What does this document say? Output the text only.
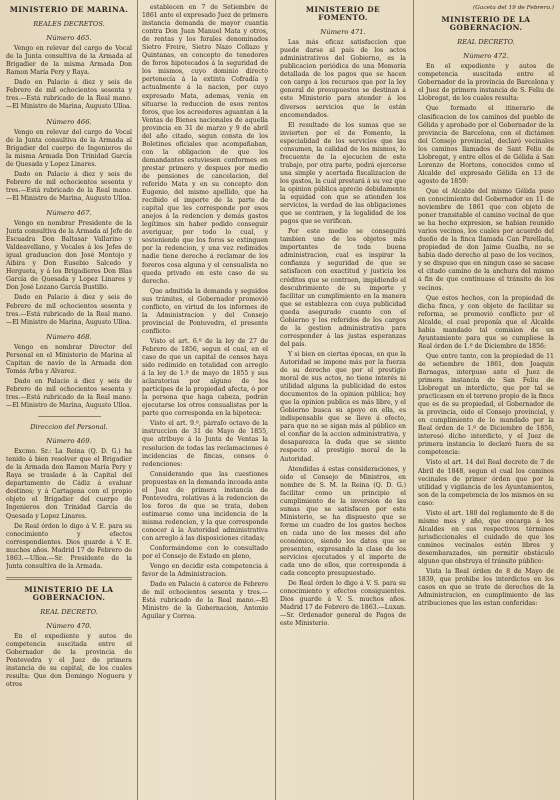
MINISTERIO DE MARINA.
REALES DECRETOS.
Número 465.
Vengo en relevar del cargo de Vocal de la Junta consultiva de la Armada al Brigadier de la misma Armada Don Ramon María Pery y Raya.
Dado en Palacio á diez y seis de Febrero de mil ochocientos sesenta y tres.—Está rubricado de la Real mano.—El Ministro de Marina, Augusto Ulloa.
Número 466.
Vengo en relevar del cargo de Vocal de la Junta consultiva de la Armada al Brigadier del cuerpo de Ingenieros de la misma Armada Don Trinidad García de Quesada y Lopez Linares.
Dado en Palacio á diez y seis de Febrero de mil ochocientos sesenta y tres.—Está rubricado de la Real mano.—El Ministro de Marina, Augusto Ulloa.
Número 467.
Vengo en nombrar Presidente de la Junta consultiva de la Armada al Jefe de Escuadra Don Baltasar Vallarino y Valdeavellano, y Vocales á los Jefes de igual graduacion don José Montojo y Aibira y Don Eusebio Salcedo y Hergueta, y á los Brigadieres Don Blas García de Quesada y Lopez Linares y Don José Lozano García Bustillo.
Dado en Palacio á diez y seis de Febrero de mil ochocientos sesenta y tres.—Está rubricado de la Real mano.—El Ministro de Marina, Augusto Ulloa.
Número 468.
Vengo en nombrar Director del Personal en el Ministerio de Marina al Capitan de navío de la Armada don Tomás Arba y Alvarez.
Dado en Palacio á diez y seis de Febrero de mil ochocientos sesenta y tres.—Está rubricado de la Real mano.—El Ministro de Marina, Augusto Ulloa.
Direccion del Personal.
Número 469.
Excmo. Sr.: La Reina (Q. D. G.) ha tenido á bien resolver que el Brigadier de la Armada don Ramon María Pery y Raya se traslade á la Capital del departamento de Cádiz á evaluar destinos; y á Cartagena con el propio objeto el Brigadier del cuerpo de Ingenieros don Trinidad García de Quesada y Lopez Linares.
De Real órden lo digo á V. E. para su conocimiento y efectos correspondientes. Dios guarde á V. E. muchos años. Madrid 17 de Febrero de 1863.—Ulloa.—Sr. Presidente de la Junta consultiva de la Armada.
MINISTERIO DE LA GOBERNACION.
REAL DECRETO.
Número 470.
En el expediente y autos de competencia suscitada entre el Gobernador de la provincia de Pontevedra y el Juez de primera instancia de su capital, de los cuales resulta: Que don Domingo Noguera y otros
establecen en 7 de Setiembre de 1861 ante el expresado Juez de primera instancia demanda de mayor cuantía contra Don Juan Manuel Mata y otros, de rentas y los forales denominados Sietro Freire, Sietro Nazo Collazo y Quintanas, en concepto de tenedores de foros hipotecados á la seguridad de los mismos, cuyo dominio directo pertenecía á la extinta Cofradía y actualmente á la nacion, por cuyo expresado Mata, ademas, venía en situarse la reduccion de esos rentos foros, que los acreedores aguantan á la Ventas de Bienes nacionales de aquella provincia en 31 de marzo y 9 de abril del año citado, segun consta de los Boletines oficiales que acompañaban, con la obligacion de que los demandantes estuviesen conformes en prestar primero y despues por medio de pensiones de cancelacion, del referido Mata y en su concepto don Eugenio, del mismo apellido, que ha recibido el importe de la parte de capital que les corresponde por esos anejos á la redencion y demás gastos legítimos sin haber podido conseguir averiguar, por todo lo cual, y sosteniendo que los foros se extinguen por la redencion, y una vez redimidos nadie tiene derecho á reclamar de los foreros cosa alguna y el censualista no queda privado en este caso de su derecho.
Que admitida la demanda y seguidos sus trámites, el Gobernador promovió conflicto, en virtud de los informes de la Administracion y del Consejo provincial de Pontevedra, el presente conflicto:
Visto el art. 6.º de la ley de 27 de Febrero de 1856, segun el cual, en el caso de que un capital de censos haya sido redimido en totalidad con arreglo á la ley de 1.º de mayo de 1855 y sus aclaratorias por alguno de los partícipes de la propiedad afecta, ó por la persona que haga cabeza, podrán ejecutarse los otros censualistas por la parte que corresponda en la hipoteca:
Visto el art. 9.º, párrafo octavo de la instruccion de 31 de Mayo de 1855, que atribuye á la Junta de Ventas la resolucion de todas las reclamaciones é incidencias de fincas, censos ó redenciones:
Considerando que las cuestiones propuestas en la demanda incoada ante el Juez de primera instancia de Pontevedra, relativas á la redencion de los foros de que se trata, deben estimarse como una incidencia de la misma redencion, y la que corresponde conocer á la Autoridad administrativa con arreglo á las disposiciones citadas;
Conformándome con lo consultado por el Consejo de Estado en pleno,
Vengo en decidir esta competencia á favor de la Administracion.
Dado en Palacio á catorce de Febrero de mil ochocientos sesenta y tres.—Está rubricado de la Real mano.—El Ministro de la Gobernacion, Antonio Aguilar y Correa.
MINISTERIO DE FOMENTO.
Número 471.
Las más eficaz satisfaccion que puede darse al país de los actos administrativos del Gobierno, es la publicacion periódica de una Memoria detallada de los pagos que se hacen con cargo á los recursos que por la ley general de presupuestos se destinan á este Ministerio para atender á los diversos servicios que le están encomendados.
El resultado de los sumas que se invierten por el de Fomento, la especialidad de los servicios que las consumen, la calidad de los mismos, lo frecuente de la ejecucion de este trabajo, por otra parte, podrá ejercerse una simple y acertada fiscalizacion de los gastos, la cual prestará á su vez que la opinion pública aprecie debidamente la equidad con que se atienden los servicios, la verdad de las obligaciones que se contraen, y la legalidad de los pagos que se verifican.
Por este medio se conseguirá tambien uno de los objetos más importantes de toda buena administracion, cual es inspirar la confianza y seguridad de que se satisfacen con exactitud y justicia los créditos que se contraen, impidiendo el descubrimiento de su importe y facilitar un cumplimiento en la manera que se establezca con cuya publicidad queda asegurado cuanto con el Gobierno y los referidos de los cargos de la gestion administrativa para corresponder á las justas esperanzas del país.
Y si bien en ciertas épocas, en que la Autoridad se impone más por la fuerza de su derecho que por el prestigio moral de sus actos, no tiene interés ni utilidad alguna la publicidad de estos documentos de la opinion pública; hoy que la opinion publica es más libre, y el Gobierno busca su apoyo en ella, es indispensable que se lleve á efecto, para que no se sigan más al público en el confiar de la accion administrativa, y desaparezca la duda que se siente respecto al prestigio moral de la Autoridad.
Atendidas á estas consideraciones, y oido el Consejo de Ministros, en nombre de S. M. la Reina (Q. D. G.) facilitar como un principio el cumplimiento de la inversion de las sumas que se satisfacen por este Ministerio, se ha dispuesto que se forme un cuadro de los gastos hechos en cada uno de los meses del año económico, siendo los datos que se presenten, expresando la clase de los servicios ejecutados y el importe de cada uno de ellos, que corresponda á cada concepto presupuestado.
De Real órden lo digo á V. S. para su conocimiento y efectos consiguientes. Dios guarde á V. S. muchos años. Madrid 17 de Febrero de 1863.—Luxan.—Sr. Ordenador general de Pagos de este Ministerio.
(Gaceta del 19 de Febrero.)
MINISTERIO DE LA GOBERNACION.
REAL DECRETO.
Número 472.
En el expediente y autos de competencia suscitada entre el Gobernador de la provincia de Barcelona y el Juez de primera instancia de S. Feliu de Llobregat, de los cuales resulta:
Que formado el itinerario de clasificacion de los caminos del pueblo de Gélida y aprobado por el Gobernador de la provincia de Barcelona, con el dictámen del Consejo provincial, declaró vecinales los caminos llamados de Sant Feliu de Llobregat, y entre ellos el de Gélida á San Lorenzo de Hortons, conocidos como el Alcalde del expresado Gélida en 13 de agosto de 1859:
Que el Alcalde del mismo Gélida puso en conocimiento del Gobernador en 11 de noviembre de 1861 que con objeto de poner transitable el camino vecinal de que se ha hecho expresion, se habian reunido varios vecinos, los cuales por acuerdo del dueño de la finca llamada Can Parellada, propiedad de don Jaime Gualba, no se habia dado derecho al paso de los vecinos, y se dispuso que en ningun caso se sacase el citado camino de la anchura del mismo á fin de que continuase el tránsito de los vecinos.
Que estos hechos, con la propiedad de dicha finca, y con objeto de facilitar su reforma, se promovió conflicto por el Alcalde, el cual proponía que el Alcalde habia mandado tal comision de un Ayuntamiento para que se cumpliese la Real órden de 1.º de Diciembre de 1856:
Que entre tanto, con la propiedad de 11 de setiembre de 1861, don Joaquin Barnagas, interpuso ante el Juez de primera instancia de San Feliu de Llobregat un interdicto, que por tal se practicasen en el terreno propio de la finca que es de su propiedad, el Gobernador de la provincia, oido el Consejo provincial, y en cumplimiento de lo mandado por la Real órden de 1.º de Diciembre de 1856, interesó dicho interdicto, y el Juez de primera instancia lo declaró fuera de su competencia:
Visto el art. 14 del Real decreto de 7 de Abril de 1848, segun el cual los caminos vecinales de primer órden que por la utilidad y vigilancia de los Ayuntamientos, son de la competencia de los mismos en su caso:
Visto el art. 180 del reglamento de 8 de mismo mes y año, que encarga á los Alcaldes en sus respectivos términos jurisdiccionales el cuidado de que los caminos vecinales estén libres y desembarazados, sin permitir obstáculo alguno que obstruya el tránsito público:
Vista la Real órden de 8 de Mayo de 1839, que prohibe los interdictos en los casos en que se trate de derechos de la Administracion, en cumplimiento de las atribuciones que les estan conferidas:
